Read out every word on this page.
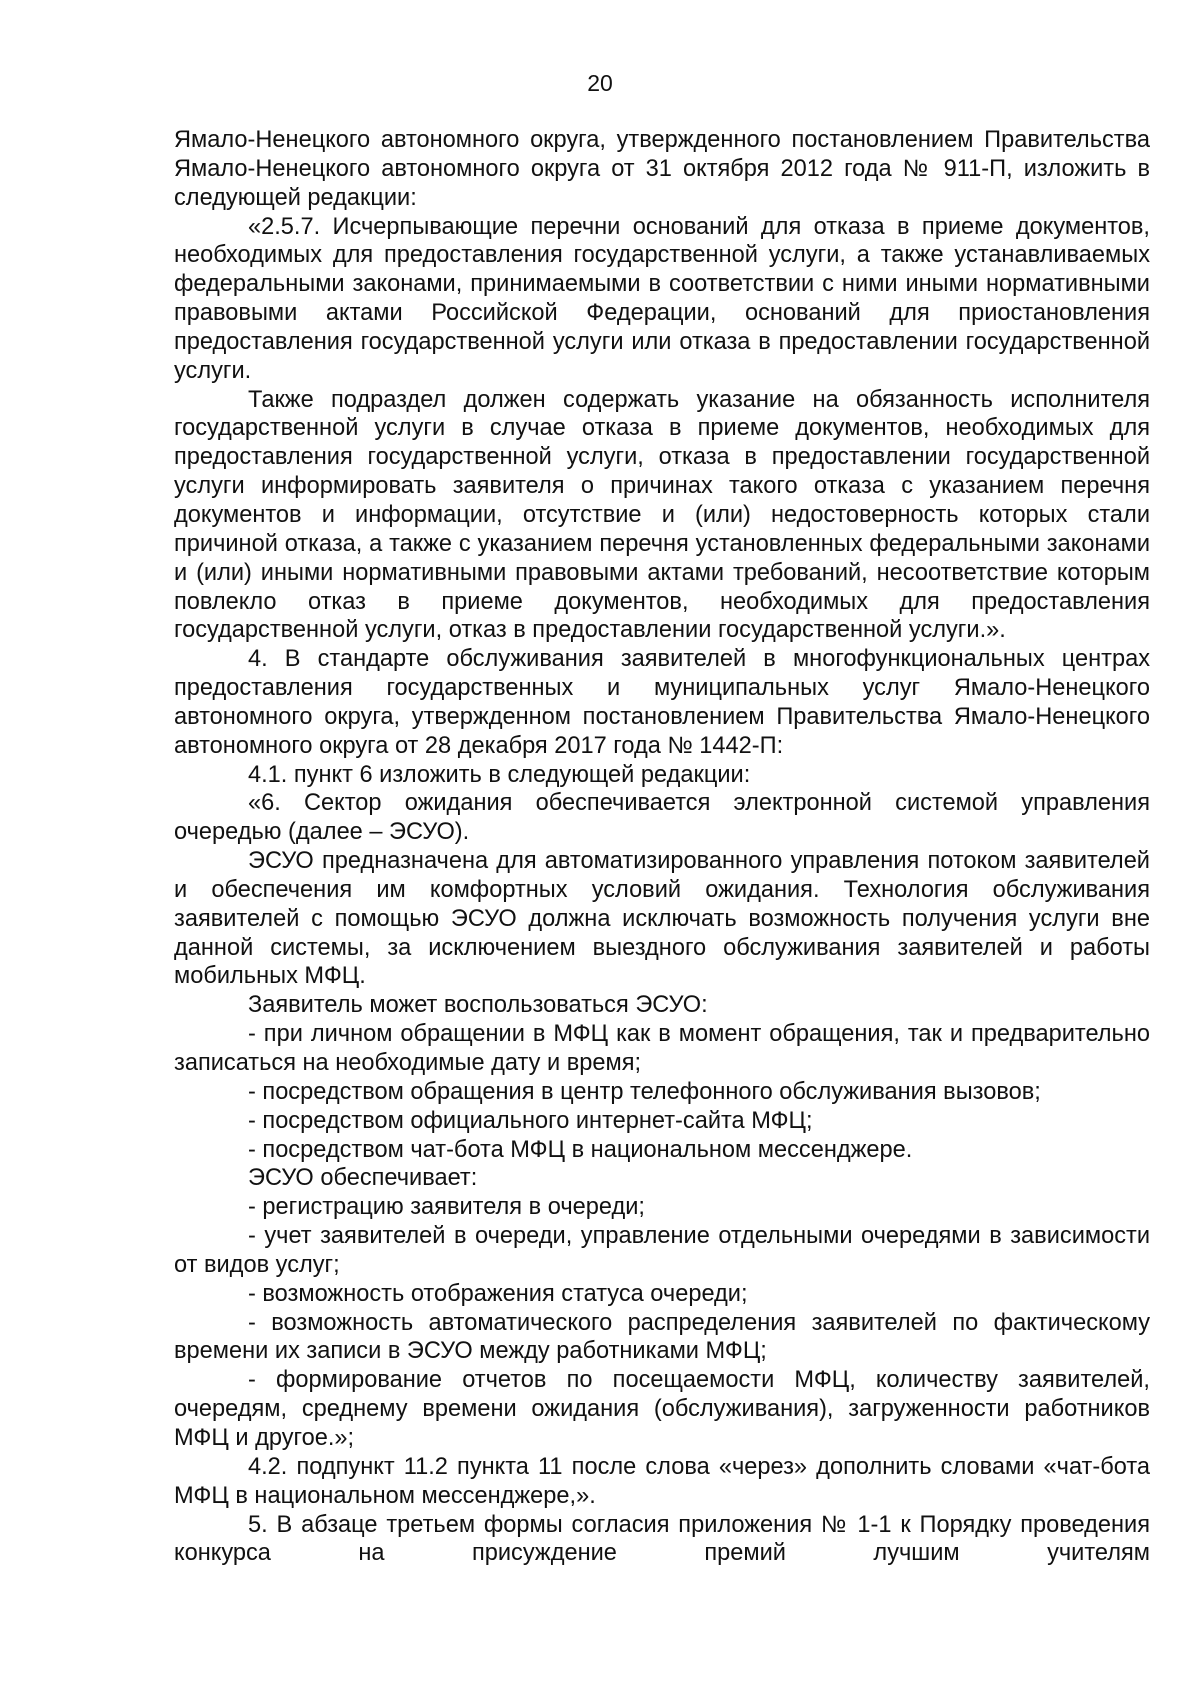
20

Ямало-Ненецкого автономного округа, утвержденного постановлением Правительства Ямало-Ненецкого автономного округа от 31 октября 2012 года № 911-П, изложить в следующей редакции:

«2.5.7. Исчерпывающие перечни оснований для отказа в приеме документов, необходимых для предоставления государственной услуги, а также устанавливаемых федеральными законами, принимаемыми в соответствии с ними иными нормативными правовыми актами Российской Федерации, оснований для приостановления предоставления государственной услуги или отказа в предоставлении государственной услуги.

Также подраздел должен содержать указание на обязанность исполнителя государственной услуги в случае отказа в приеме документов, необходимых для предоставления государственной услуги, отказа в предоставлении государственной услуги информировать заявителя о причинах такого отказа с указанием перечня документов и информации, отсутствие и (или) недостоверность которых стали причиной отказа, а также с указанием перечня установленных федеральными законами и (или) иными нормативными правовыми актами требований, несоответствие которым повлекло отказ в приеме документов, необходимых для предоставления государственной услуги, отказ в предоставлении государственной услуги.».

4. В стандарте обслуживания заявителей в многофункциональных центрах предоставления государственных и муниципальных услуг Ямало-Ненецкого автономного округа, утвержденном постановлением Правительства Ямало-Ненецкого автономного округа от 28 декабря 2017 года № 1442-П:

4.1. пункт 6 изложить в следующей редакции:

«6. Сектор ожидания обеспечивается электронной системой управления очередью (далее – ЭСУО).

ЭСУО предназначена для автоматизированного управления потоком заявителей и обеспечения им комфортных условий ожидания. Технология обслуживания заявителей с помощью ЭСУО должна исключать возможность получения услуги вне данной системы, за исключением выездного обслуживания заявителей и работы мобильных МФЦ.

Заявитель может воспользоваться ЭСУО:

- при личном обращении в МФЦ как в момент обращения, так и предварительно записаться на необходимые дату и время;

- посредством обращения в центр телефонного обслуживания вызовов;

- посредством официального интернет-сайта МФЦ;

- посредством чат-бота МФЦ в национальном мессенджере.

ЭСУО обеспечивает:

- регистрацию заявителя в очереди;

- учет заявителей в очереди, управление отдельными очередями в зависимости от видов услуг;

- возможность отображения статуса очереди;

- возможность автоматического распределения заявителей по фактическому времени их записи в ЭСУО между работниками МФЦ;

- формирование отчетов по посещаемости МФЦ, количеству заявителей, очередям, среднему времени ожидания (обслуживания), загруженности работников МФЦ и другое.»;

4.2. подпункт 11.2 пункта 11 после слова «через» дополнить словами «чат-бота МФЦ в национальном мессенджере,».

5. В абзаце третьем формы согласия приложения № 1-1 к Порядку проведения конкурса на присуждение премий лучшим учителям
